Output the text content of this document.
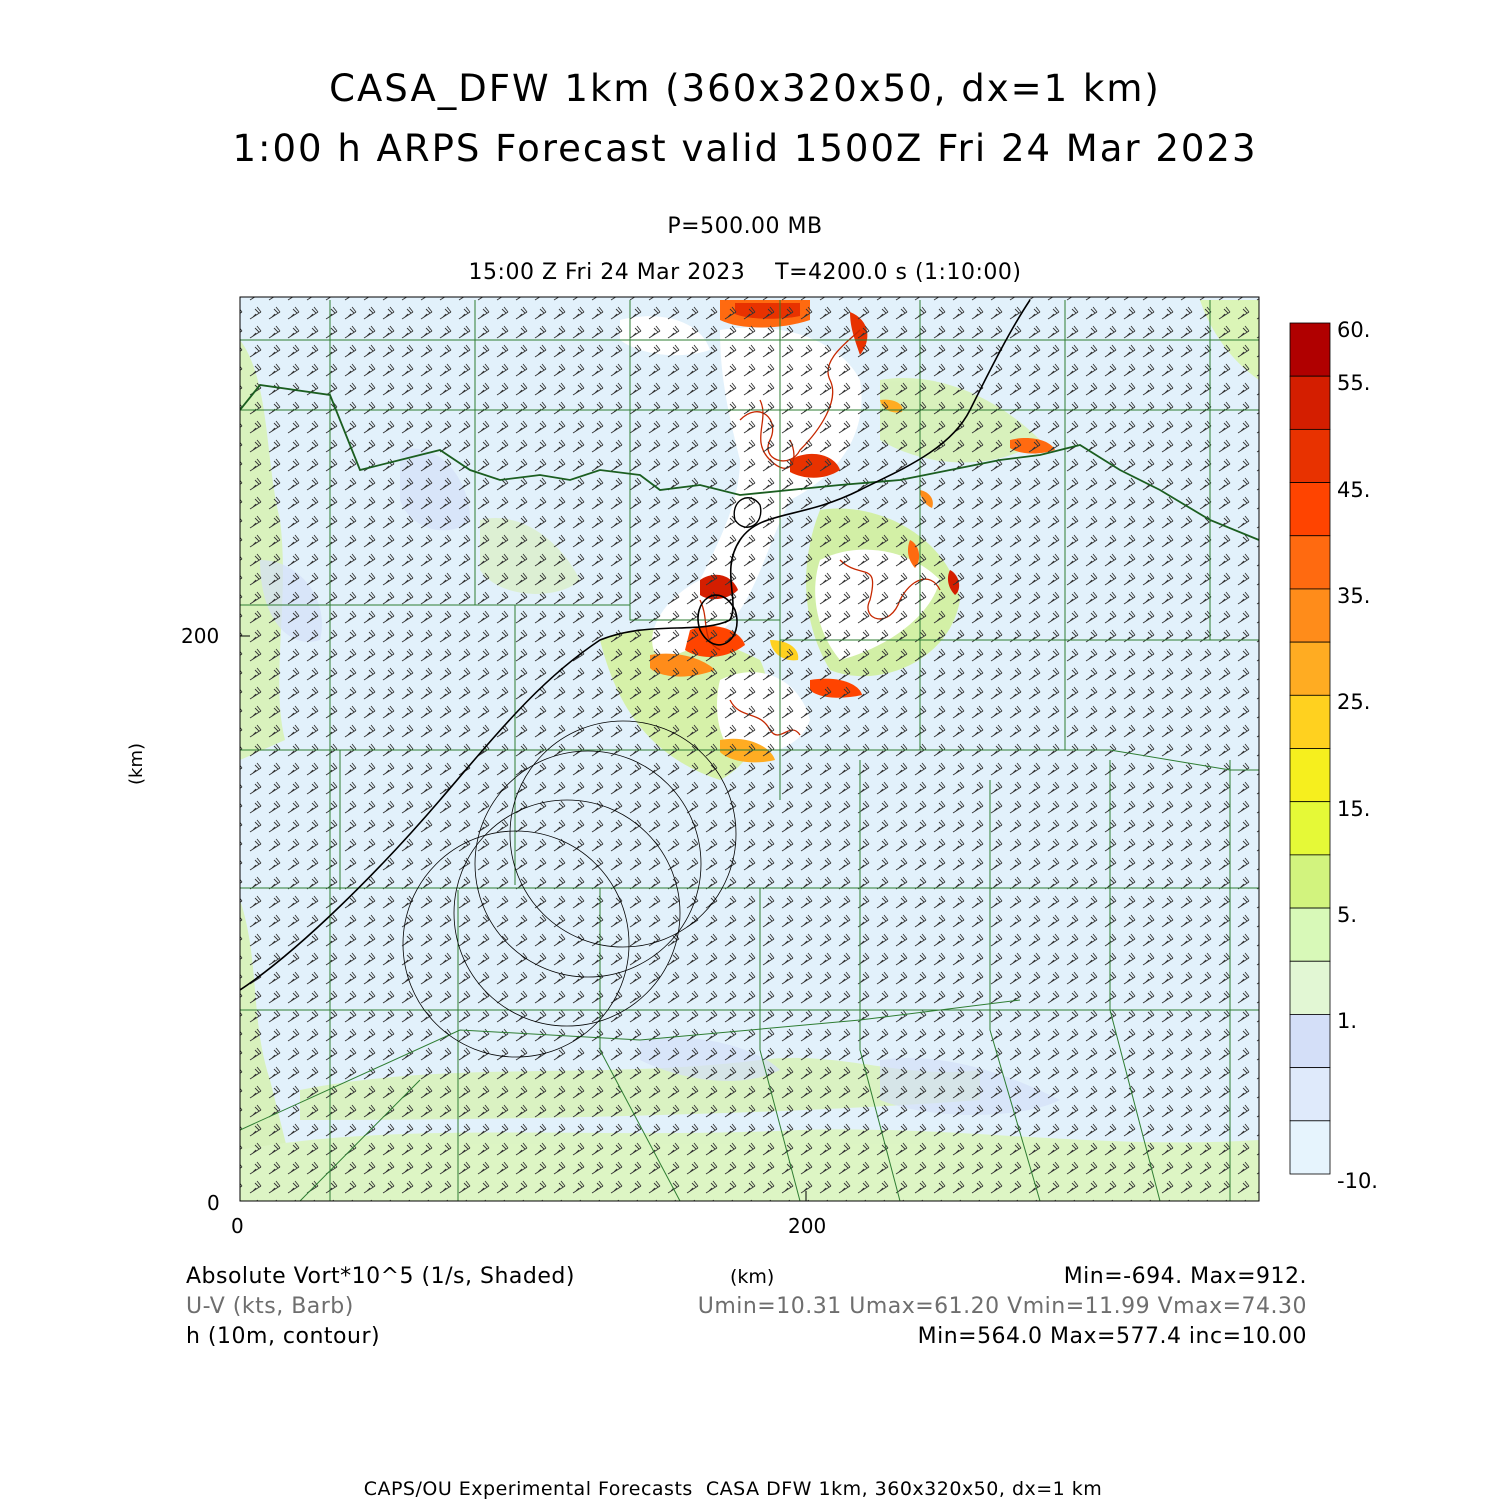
CASA_DFW 1km (360x320x50, dx=1 km)
1:00 h ARPS Forecast valid 1500Z Fri 24 Mar 2023
P=500.00 MB
15:00 Z Fri 24 Mar 2023    T=4200.0 s (1:10:00)
200
0
0	200
(km)
(km)
Absolute Vort*10^5 (1/s, Shaded)
U-V (kts, Barb)
h (10m, contour)
Min=-694. Max=912.
Umin=10.31 Umax=61.20 Vmin=11.99 Vmax=74.30
Min=564.0 Max=577.4 inc=10.00
CAPS/OU Experimental Forecasts  CASA DFW 1km, 360x320x50, dx=1 km
60.
55.
45.
35.
25.
15.
5.
1.
-10.
